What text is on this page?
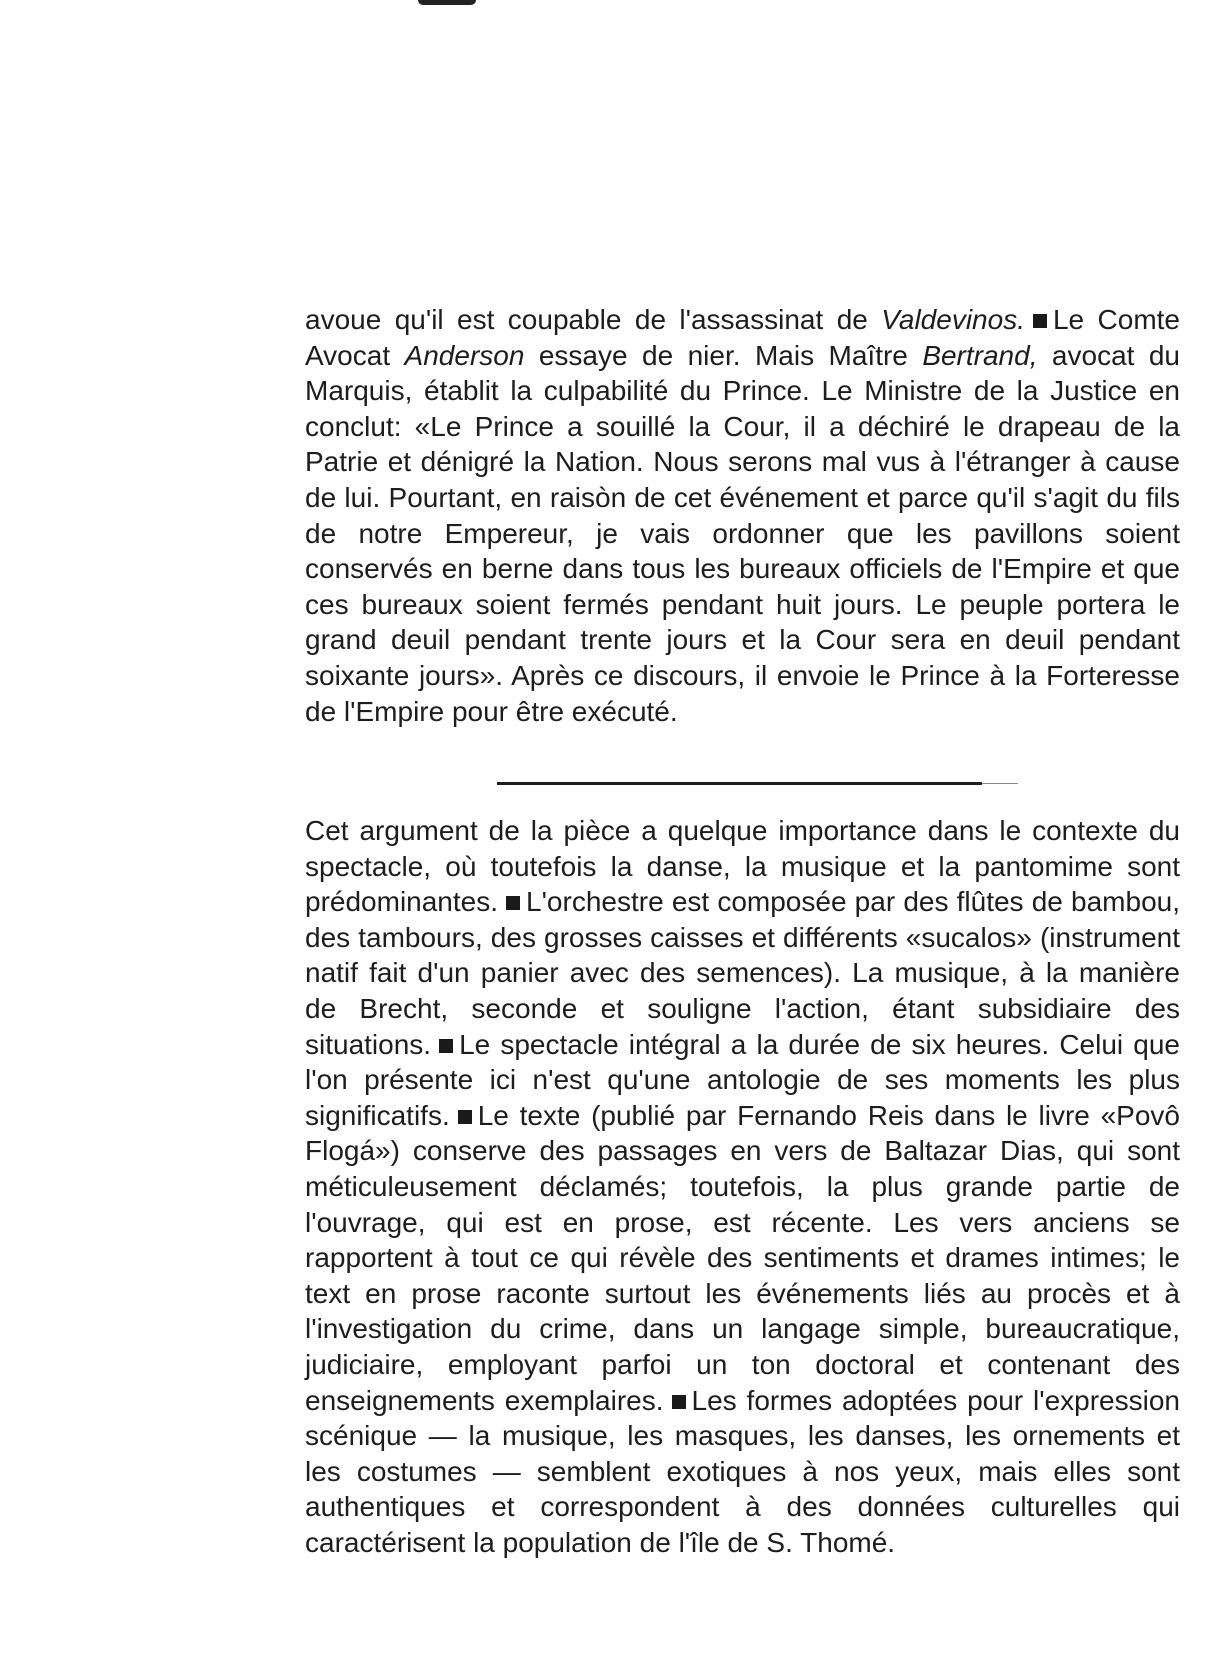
avoue qu'il est coupable de l'assassinat de Valdevinos. Le Comte Avocat Anderson essaye de nier. Mais Maître Bertrand, avocat du Marquis, établit la culpabilité du Prince. Le Ministre de la Justice en conclut: «Le Prince a souillé la Cour, il a déchiré le drapeau de la Patrie et dénigré la Nation. Nous serons mal vus à l'étranger à cause de lui. Pourtant, en raisòn de cet événement et parce qu'il s'agit du fils de notre Empereur, je vais ordonner que les pavillons soient conservés en berne dans tous les bureaux officiels de l'Empire et que ces bureaux soient fermés pendant huit jours. Le peuple portera le grand deuil pendant trente jours et la Cour sera en deuil pendant soixante jours». Après ce discours, il envoie le Prince à la Forteresse de l'Empire pour être exécuté.

Cet argument de la pièce a quelque importance dans le contexte du spectacle, où toutefois la danse, la musique et la pantomime sont prédominantes. L'orchestre est composée par des flûtes de bambou, des tambours, des grosses caisses et différents «sucalos» (instrument natif fait d'un panier avec des semences). La musique, à la manière de Brecht, seconde et souligne l'action, étant subsidiaire des situations. Le spectacle intégral a la durée de six heures. Celui que l'on présente ici n'est qu'une antologie de ses moments les plus significatifs. Le texte (publié par Fernando Reis dans le livre «Povô Flogá») conserve des passages en vers de Baltazar Dias, qui sont méticuleusement déclamés; toutefois, la plus grande partie de l'ouvrage, qui est en prose, est récente. Les vers anciens se rapportent à tout ce qui révèle des sentiments et drames intimes; le text en prose raconte surtout les événements liés au procès et à l'investigation du crime, dans un langage simple, bureaucratique, judiciaire, employant parfoi un ton doctoral et contenant des enseignements exemplaires. Les formes adoptées pour l'expression scénique — la musique, les masques, les danses, les ornements et les costumes — semblent exotiques à nos yeux, mais elles sont authentiques et correspondent à des données culturelles qui caractérisent la population de l'île de S. Thomé.
